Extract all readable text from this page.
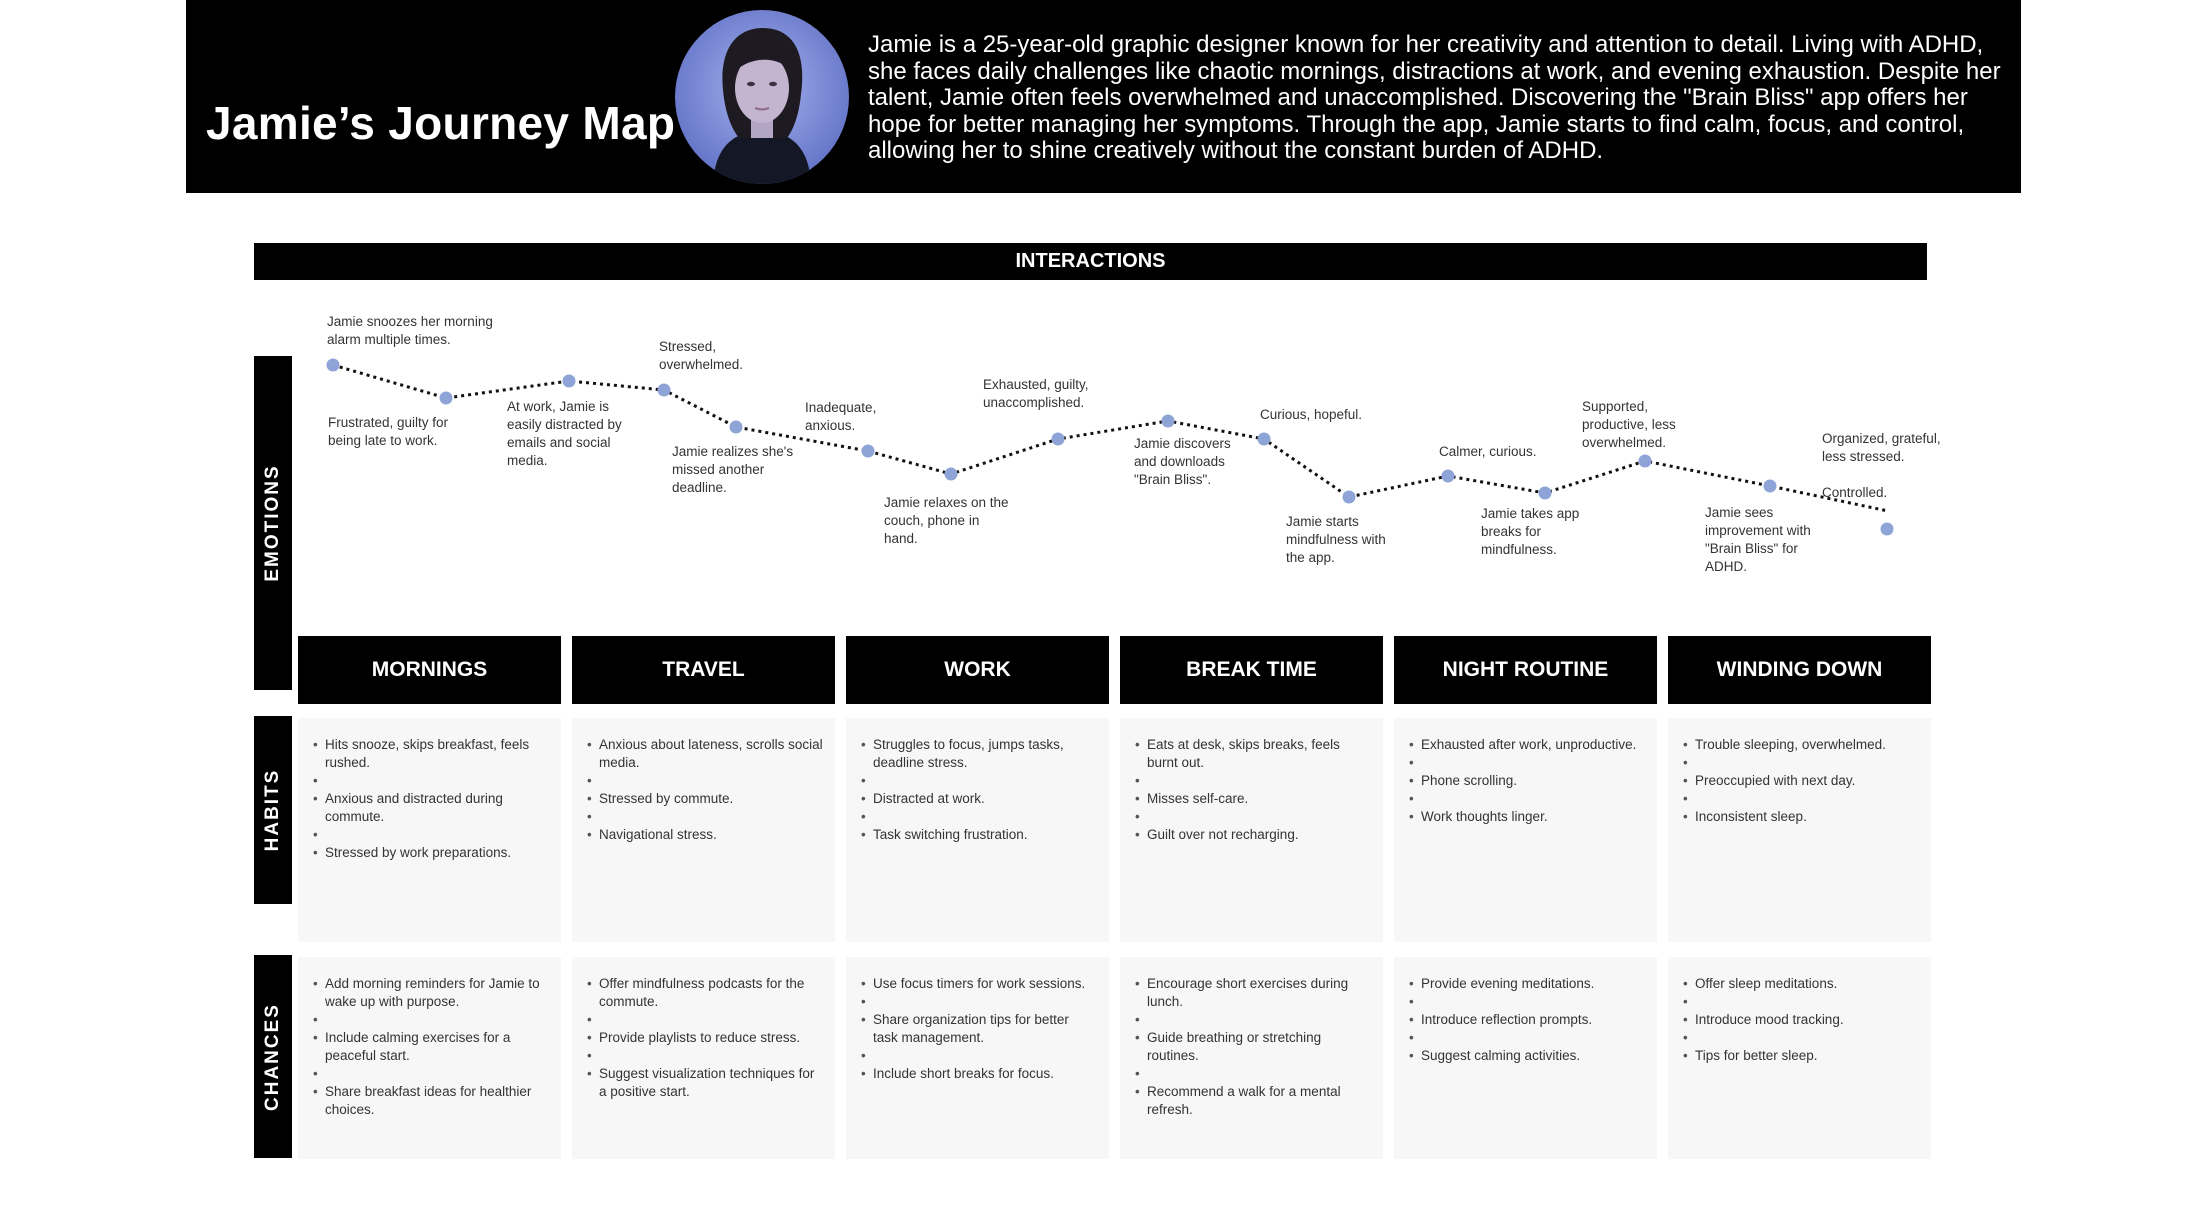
Jamie’s Journey Map

Jamie is a 25-year-old graphic designer known for her creativity and attention to detail. Living with ADHD, she faces daily challenges like chaotic mornings, distractions at work, and evening exhaustion. Despite her talent, Jamie often feels overwhelmed and unaccomplished. Discovering the "Brain Bliss" app offers her hope for better managing her symptoms. Through the app, Jamie starts to find calm, focus, and control, allowing her to shine creatively without the constant burden of ADHD.

INTERACTIONS
EMOTIONS
HABITS
CHANCES

Jamie snoozes her morning
alarm multiple times.

Frustrated, guilty for
being late to work.

At work, Jamie is
easily distracted by
emails and social
media.

Stressed,
overwhelmed.

Jamie realizes she's
missed another
deadline.

Inadequate,
anxious.

Jamie relaxes on the
couch, phone in
hand.

Exhausted, guilty,
unaccomplished.

Jamie discovers
and downloads
"Brain Bliss".

Curious, hopeful.

Jamie starts
mindfulness with
the app.

Calmer, curious.

Jamie takes app
breaks for
mindfulness.

Supported,
productive, less
overwhelmed.

Jamie sees
improvement with
"Brain Bliss" for
ADHD.

Organized, grateful,
less stressed.

Controlled.

MORNINGS
• Hits snooze, skips breakfast, feels rushed.
•
• Anxious and distracted during commute.
•
• Stressed by work preparations.
• Add morning reminders for Jamie to wake up with purpose.
•
• Include calming exercises for a peaceful start.
•
• Share breakfast ideas for healthier choices.
TRAVEL
• Anxious about lateness, scrolls social media.
•
• Stressed by commute.
•
• Navigational stress.
• Offer mindfulness podcasts for the commute.
•
• Provide playlists to reduce stress.
•
• Suggest visualization techniques for a positive start.
WORK
• Struggles to focus, jumps tasks, deadline stress.
•
• Distracted at work.
•
• Task switching frustration.
• Use focus timers for work sessions.
•
• Share organization tips for better task management.
•
• Include short breaks for focus.
BREAK TIME
• Eats at desk, skips breaks, feels burnt out.
•
• Misses self-care.
•
• Guilt over not recharging.
• Encourage short exercises during lunch.
•
• Guide breathing or stretching routines.
•
• Recommend a walk for a mental refresh.
NIGHT ROUTINE
• Exhausted after work, unproductive.
•
• Phone scrolling.
•
• Work thoughts linger.
• Provide evening meditations.
•
• Introduce reflection prompts.
•
• Suggest calming activities.
WINDING DOWN
• Trouble sleeping, overwhelmed.
•
• Preoccupied with next day.
•
• Inconsistent sleep.
• Offer sleep meditations.
•
• Introduce mood tracking.
•
• Tips for better sleep.
